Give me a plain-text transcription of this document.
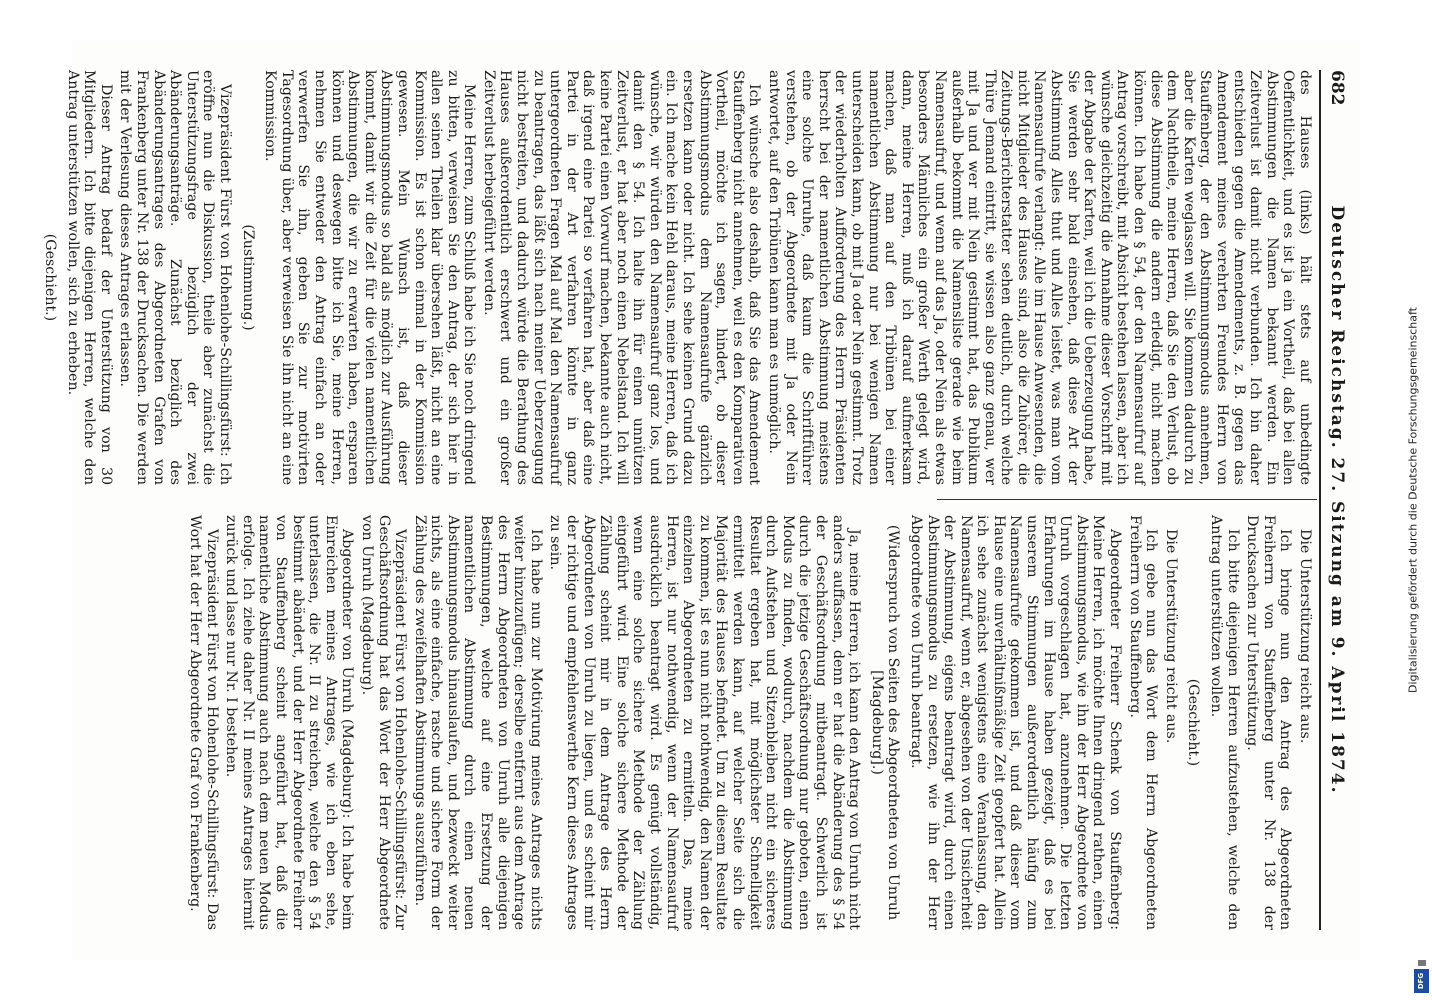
682
Deutscher Reichstag. 27. Sitzung am 9. April 1874.

des Hauses (links) hält stets auf unbedingte Oeffentlichkeit, und es ist ja ein Vortheil, daß bei allen Abstimmungen die Namen bekannt werden. Ein Zeitverlust ist damit nicht verbunden. Ich bin daher entschieden gegen die Amendements, z. B. gegen das Amendement meines verehrten Freundes Herrn von Stauffenberg, der den Abstimmungsmodus annehmen, aber die Karten weglassen will. Sie kommen dadurch zu dem Nachtheile, meine Herren, daß Sie den Verlust, ob diese Abstimmung die andern erledigt, nicht machen können. Ich habe den § 54, der den Namensaufruf auf Antrag vorschreibt, mit Absicht bestehen lassen, aber ich wünsche gleichzeitig die Annahme dieser Vorschrift mit der Abgabe der Karten, weil ich die Ueberzeugung habe, Sie werden sehr bald einsehen, daß diese Art der Abstimmung Alles thut und Alles leistet, was man vom Namensaufrufe verlangt: Alle im Hause Anwesenden, die nicht Mitglieder des Hauses sind, also die Zuhörer, die Zeitungs-Berichterstatter sehen deutlich, durch welche Thüre Jemand eintritt, sie wissen also ganz genau, wer mit Ja und wer mit Nein gestimmt hat, das Publikum außerhalb bekommt die Namensliste gerade wie beim Namensaufruf, und wenn auf das Ja, oder Nein als etwas besonders Männliches ein großer Werth gelegt wird, dann, meine Herren, muß ich darauf aufmerksam machen, daß man auf den Tribünen bei einer namentlichen Abstimmung nur bei wenigen Namen unterscheiden kann, ob mit Ja oder Nein gestimmt. Trotz der wiederholten Aufforderung des Herrn Präsidenten herrscht bei der namentlichen Abstimmung meistens eine solche Unruhe, daß kaum die Schriftführer verstehen, ob der Abgeordnete mit Ja oder Nein antwortet, auf den Tribünen kann man es unmöglich.

Ich wünsche also deshalb, daß Sie das Amendement Stauffenberg nicht annehmen, weil es den Komparativen Vortheil, möchte ich sagen, hindert, ob dieser Abstimmungsmodus dem Namensaufrufe gänzlich ersetzen kann oder nicht. Ich sehe keinen Grund dazu ein. Ich mache kein Hehl daraus, meine Herren, daß ich wünsche, wir würden den Namensaufruf ganz los, und damit den § 54. Ich halte ihn für einen unnützen Zeitverlust, er hat aber noch einen Nebelstand. Ich will keine Partei einen Vorwurf machen, bekannte auch nicht, daß irgend eine Partei so verfahren hat, aber daß eine Partei in der Art verfahren könnte in ganz untergeordneten Fragen Mal auf Mal den Namensaufruf zu beantragen, das läßt sich nach meiner Ueberzeugung nicht bestreiten, und dadurch würde die Berathung des Hauses außerordentlich erschwert und ein großer Zeitverlust herbeigeführt werden.

Meine Herren, zum Schluß habe ich Sie noch dringend zu bitten, verweisen Sie den Antrag, der sich hier in allen seinen Theilen klar übersehen läßt, nicht an eine Kommission. Es ist schon einmal in der Kommission gewesen. Mein Wunsch ist, daß dieser Abstimmungsmodus so bald als möglich zur Ausführung kommt, damit wir die Zeit für die vielen namentlichen Abstimmungen, die wir zu erwarten haben, ersparen können und deswegen bitte ich Sie, meine Herren, nehmen Sie entweder den Antrag einfach an oder verwerfen Sie ihn, geben Sie zur motivirten Tagesordnung über, aber verweisen Sie ihn nicht an eine Kommission.

(Zustimmung.)

Vizepräsident Fürst von Hohenlohe-Schillingsfürst: Ich eröffne nun die Diskussion, theile aber zunächst die Unterstützungsfrage bezüglich der zwei Abänderungsanträge. Zunächst bezüglich des Abänderungsantrages des Abgeordneten Grafen von Frankenberg unter Nr. 138 der Drucksachen. Die werden mit der Verlesung dieses Antrages erlassen.

Dieser Antrag bedarf der Unterstützung von 30 Mitgliedern. Ich bitte diejenigen Herren, welche den Antrag unterstützen wollen, sich zu erheben.

(Geschieht.)

Die Unterstützung reicht aus.

Ich bringe nun den Antrag des Abgeordneten Freiherrn von Stauffenberg unter Nr. 138 der Drucksachen zur Unterstützung.

Ich bitte diejenigen Herren aufzustehen, welche den Antrag unterstützen wollen.

(Geschieht.)

Die Unterstützung reicht aus.

Ich gebe nun das Wort dem Herrn Abgeordneten Freiherrn von Stauffenberg.

Abgeordneter Freiherr Schenk von Stauffenberg: Meine Herren, ich möchte Ihnen dringend rathen, einen Abstimmungsmodus, wie ihn der Herr Abgeordnete von Unruh vorgeschlagen hat, anzunehmen. Die letzten Erfahrungen im Hause haben gezeigt, daß es bei unserem Stimmungen außerordentlich häufig zum Namensaufrufe gekommen ist, und daß dieser vom Hause eine unverhältnißmäßige Zeit geopfert hat. Allein ich sehe zunächst wenigstens eine Veranlassung, den Namensaufruf, wenn er, abgesehen von der Unsicherheit der Abstimmung, eigens beantragt wird, durch einen Abstimmungsmodus zu ersetzen, wie ihn der Herr Abgeordnete von Unruh beantragt.

(Widerspruch von Seiten des Abgeordneten von Unruh [Magdeburg].)

Ja, meine Herren, ich kann den Antrag von Unruh nicht anders auffassen, denn er hat die Abänderung des § 54 der Geschäftsordnung mitbeantragt. Schwerlich ist durch die jetzige Geschäftsordnung nur geboten, einen Modus zu finden, wodurch, nachdem die Abstimmung durch Aufstehen und Sitzenbleiben nicht ein sicheres Resultat ergeben hat, mit möglichster Schnelligkeit ermittelt werden kann, auf welcher Seite sich die Majorität des Hauses befindet. Um zu diesem Resultate zu kommen, ist es nun nicht nothwendig, den Namen der einzelnen Abgeordneten zu ermitteln. Das, meine Herren, ist nur nothwendig, wenn der Namensaufruf ausdrücklich beantragt wird. Es genügt vollständig, wenn eine solche sichere Methode der Zählung eingeführt wird. Eine solche sichere Methode der Zählung scheint mir in dem Antrage des Herrn Abgeordneten von Unruh zu liegen, und es scheint mir der richtige und empfehlenswerthe Kern dieses Antrages zu sein.

Ich habe nun zur Motivirung meines Antrages nichts weiter hinzuzufügen; derselbe entfernt aus dem Antrage des Herrn Abgeordneten von Unruh alle diejenigen Bestimmungen, welche auf eine Ersetzung der namentlichen Abstimmung durch einen neuen Abstimmungsmodus hinauslaufen, und bezweckt weiter nichts, als eine einfache, rasche und sichere Form der Zählung des zweifelhaften Abstimmungs auszuführen.

Vizepräsident Fürst von Hohenlohe-Schillingsfürst: Zur Geschäftsordnung hat das Wort der Herr Abgeordnete von Unruh (Magdeburg).

Abgeordneter von Unruh (Magdeburg): Ich habe beim Einreichen meines Antrages, wie ich eben sehe, unterlassen, die Nr. II zu streichen, welche den § 54 bestimmt abändert, und der Herr Abgeordnete Freiherr von Stauffenberg scheint angeführt hat, daß die namentliche Abstimmung auch nach dem neuen Modus erfolge. Ich ziehe daher Nr. II meines Antrages hiermit zurück und lasse nur Nr. I bestehen.

Vizepräsident Fürst von Hohenlohe-Schillingsfürst: Das Wort hat der Herr Abgeordnete Graf von Frankenberg.

Digitalisierung gefördert durch die Deutsche Forschungsgemeinschaft
DFG
